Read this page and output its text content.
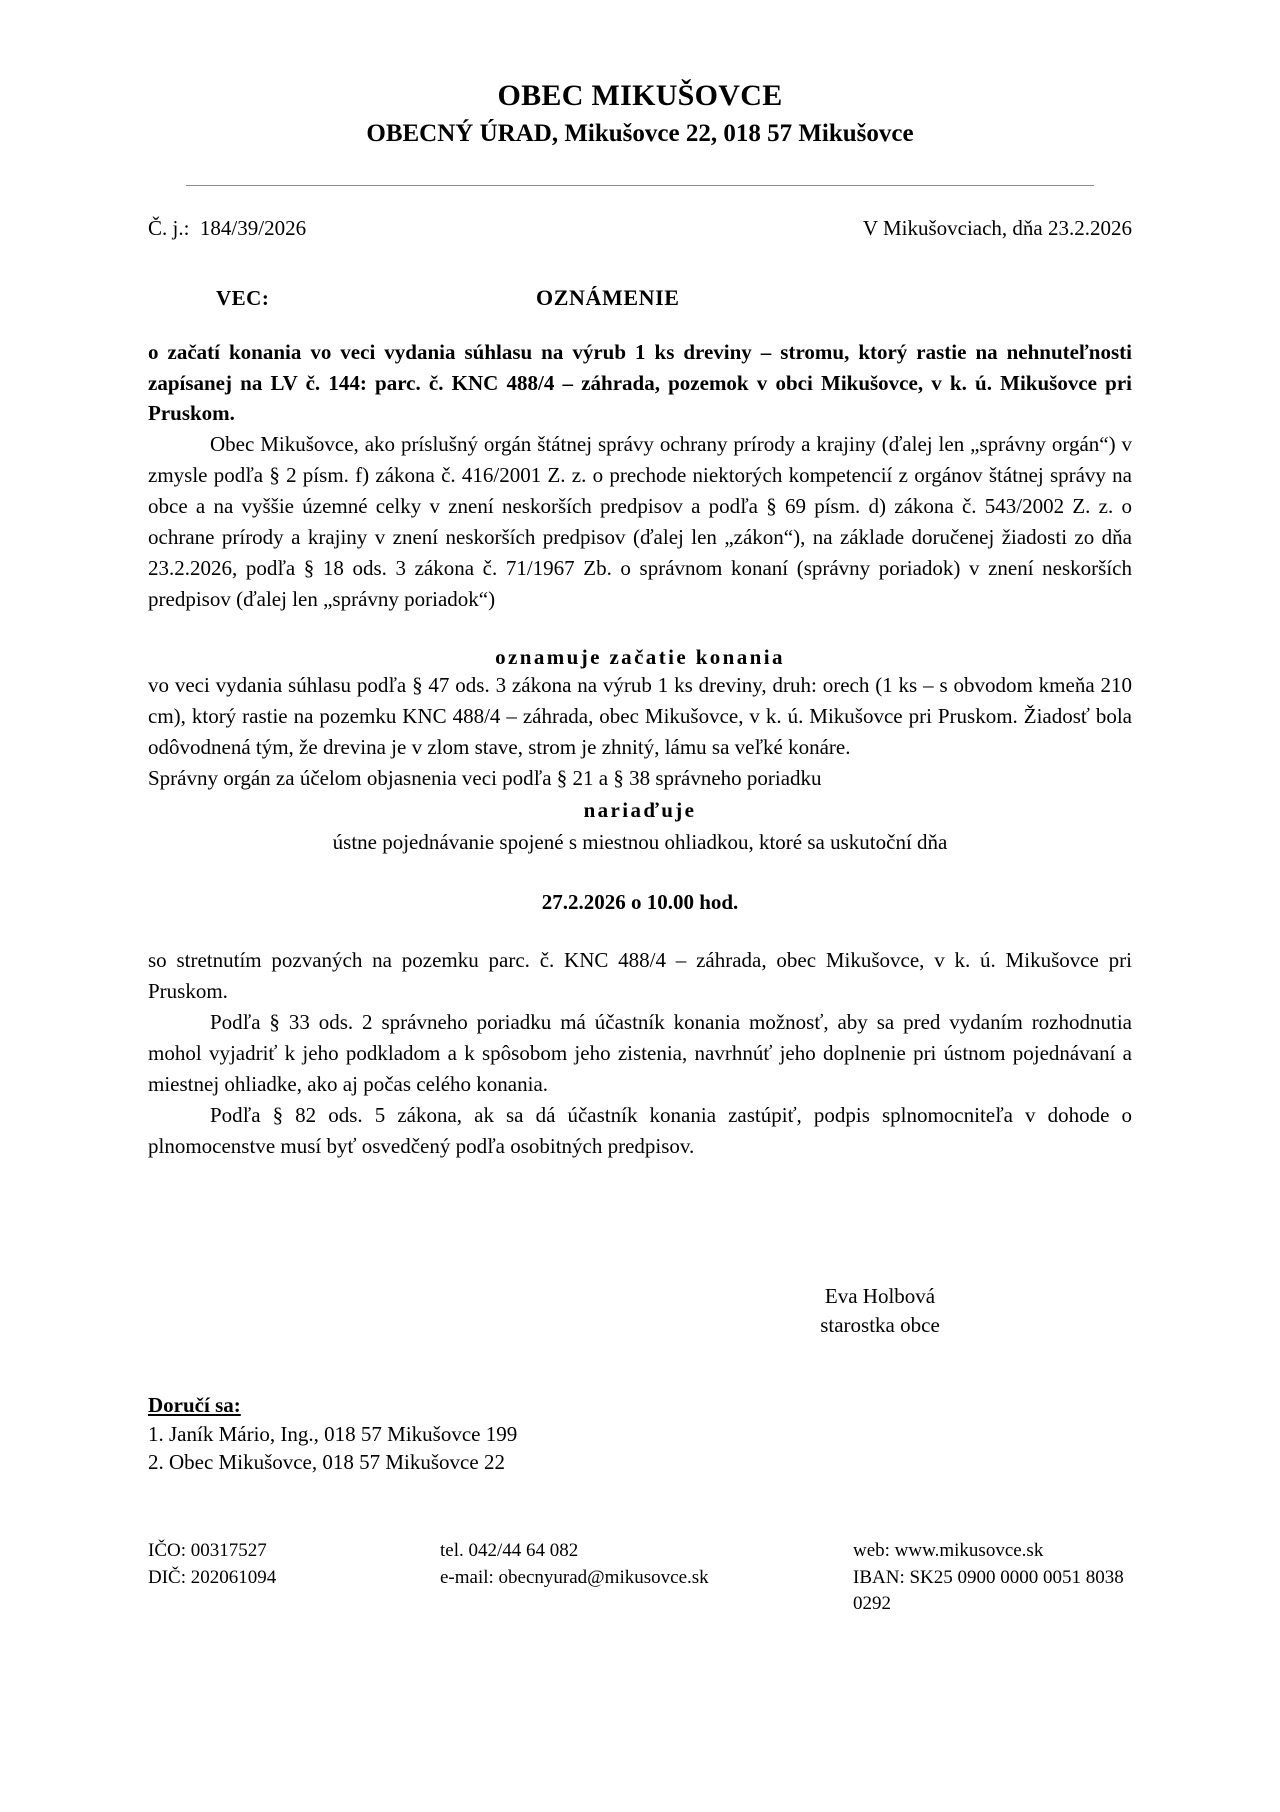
OBEC MIKUŠOVCE
OBECNÝ ÚRAD, Mikušovce 22, 018 57 Mikušovce
Č. j.:  184/39/2026	V Mikušovciach, dňa 23.2.2026
VEC:	OZNÁMENIE
o začatí konania vo veci vydania súhlasu na výrub 1 ks dreviny – stromu, ktorý rastie na nehnuteľnosti zapísanej na LV č. 144: parc. č. KNC 488/4 – záhrada, pozemok v obci Mikušovce, v k. ú. Mikušovce pri Pruskom.

Obec Mikušovce, ako príslušný orgán štátnej správy ochrany prírody a krajiny (ďalej len „správny orgán“) v zmysle podľa § 2 písm. f) zákona č. 416/2001 Z. z. o prechode niektorých kompetencií z orgánov štátnej správy na obce a na vyššie územné celky v znení neskorších predpisov a podľa § 69 písm. d) zákona č. 543/2002 Z. z. o ochrane prírody a krajiny v znení neskorších predpisov (ďalej len „zákon“), na základe doručenej žiadosti zo dňa 23.2.2026, podľa § 18 ods. 3 zákona č. 71/1967 Zb. o správnom konaní (správny poriadok) v znení neskorších predpisov (ďalej len „správny poriadok“)

oznamuje začatie konania

vo veci vydania súhlasu podľa § 47 ods. 3 zákona na výrub 1 ks dreviny, druh: orech (1 ks – s obvodom kmeňa 210 cm), ktorý rastie na pozemku KNC 488/4 – záhrada, obec Mikušovce, v k. ú. Mikušovce pri Pruskom. Žiadosť bola odôvodnená tým, že drevina je v zlom stave, strom je zhnitý, lámu sa veľké konáre.

Správny orgán za účelom objasnenia veci podľa § 21 a § 38 správneho poriadku

nariaďuje
ústne pojednávanie spojené s miestnou ohliadkou, ktoré sa uskutoční dňa
27.2.2026 o 10.00 hod.

so stretnutím pozvaných na pozemku parc. č. KNC 488/4 – záhrada, obec Mikušovce, v k. ú. Mikušovce pri Pruskom.

Podľa § 33 ods. 2 správneho poriadku má účastník konania možnosť, aby sa pred vydaním rozhodnutia mohol vyjadriť k jeho podkladom a k spôsobom jeho zistenia, navrhnúť jeho doplnenie pri ústnom pojednávaní a miestnej ohliadke, ako aj počas celého konania.

Podľa § 82 ods. 5 zákona, ak sa dá účastník konania zastúpiť, podpis splnomocniteľa v dohode o plnomocenstve musí byť osvedčený podľa osobitných predpisov.

Eva Holbová
starostka obce
Doručí sa:
1. Janík Mário, Ing., 018 57 Mikušovce 199
2. Obec Mikušovce, 018 57 Mikušovce 22
IČO: 00317527	tel. 042/44 64 082	web: www.mikusovce.sk
DIČ: 202061094	e-mail: obecnyurad@mikusovce.sk	IBAN: SK25 0900 0000 0051 8038 0292
